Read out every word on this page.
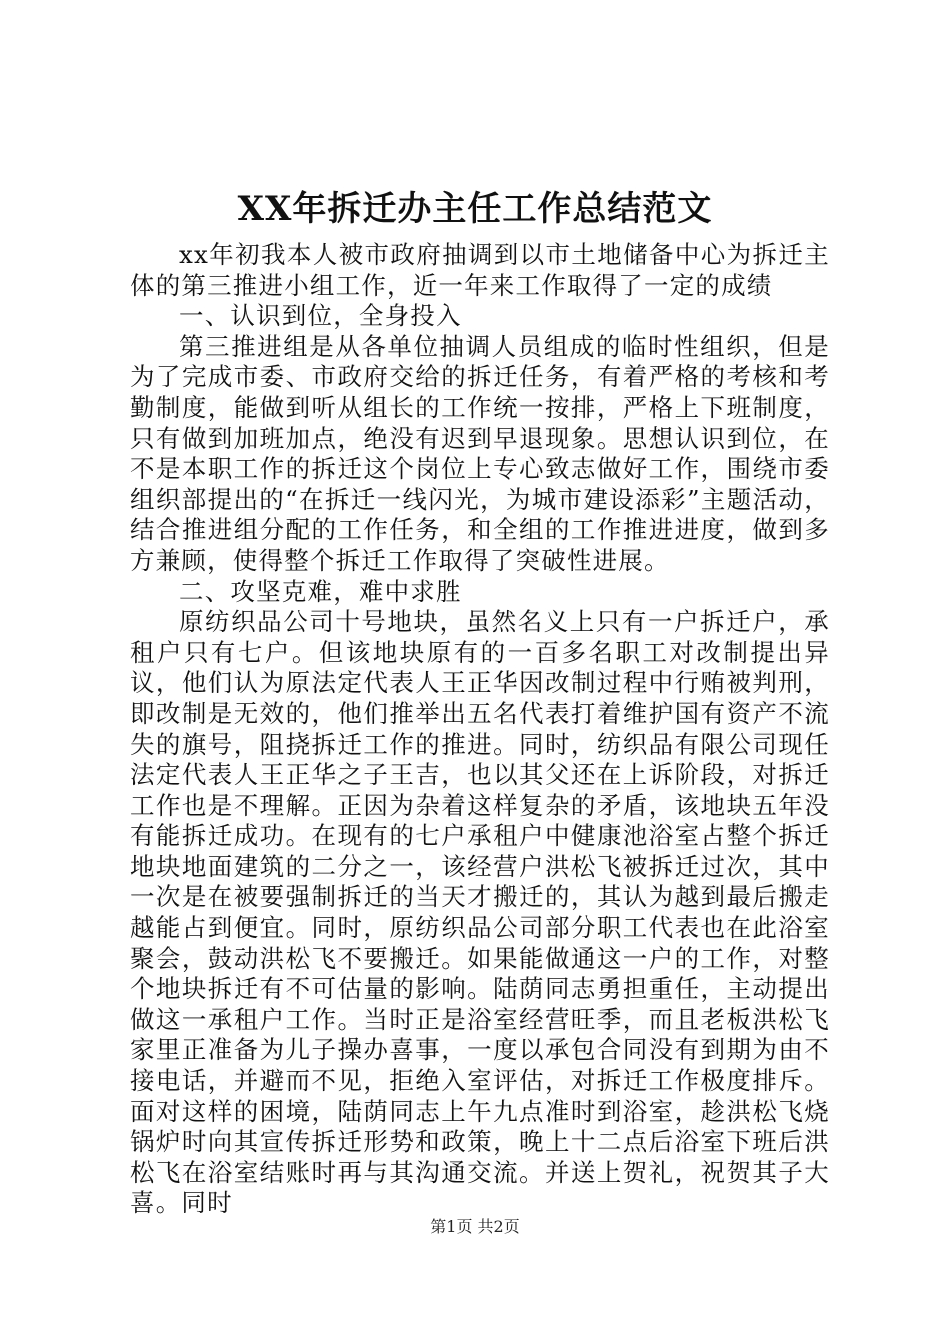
XX年拆迁办主任工作总结范文

xx年初我本人被市政府抽调到以市土地储备中心为拆迁主体的第三推进小组工作，近一年来工作取得了一定的成绩

一、认识到位，全身投入

第三推进组是从各单位抽调人员组成的临时性组织，但是为了完成市委、市政府交给的拆迁任务，有着严格的考核和考勤制度，能做到听从组长的工作统一按排，严格上下班制度，只有做到加班加点，绝没有迟到早退现象。思想认识到位，在不是本职工作的拆迁这个岗位上专心致志做好工作，围绕市委组织部提出的“在拆迁一线闪光，为城市建设添彩”主题活动，结合推进组分配的工作任务，和全组的工作推进进度，做到多方兼顾，使得整个拆迁工作取得了突破性进展。

二、攻坚克难，难中求胜

原纺织品公司十号地块，虽然名义上只有一户拆迁户，承租户只有七户。但该地块原有的一百多名职工对改制提出异议，他们认为原法定代表人王正华因改制过程中行贿被判刑，即改制是无效的，他们推举出五名代表打着维护国有资产不流失的旗号，阻挠拆迁工作的推进。同时，纺织品有限公司现任法定代表人王正华之子王吉，也以其父还在上诉阶段，对拆迁工作也是不理解。正因为杂着这样复杂的矛盾，该地块五年没有能拆迁成功。在现有的七户承租户中健康池浴室占整个拆迁地块地面建筑的二分之一，该经营户洪松飞被拆迁过次，其中一次是在被要强制拆迁的当天才搬迁的，其认为越到最后搬走越能占到便宜。同时，原纺织品公司部分职工代表也在此浴室聚会，鼓动洪松飞不要搬迁。如果能做通这一户的工作，对整个地块拆迁有不可估量的影响。陆荫同志勇担重任，主动提出做这一承租户工作。当时正是浴室经营旺季，而且老板洪松飞家里正准备为儿子操办喜事，一度以承包合同没有到期为由不接电话，并避而不见，拒绝入室评估，对拆迁工作极度排斥。面对这样的困境，陆荫同志上午九点准时到浴室，趁洪松飞烧锅炉时向其宣传拆迁形势和政策，晚上十二点后浴室下班后洪松飞在浴室结账时再与其沟通交流。并送上贺礼，祝贺其子大喜。同时

第1页 共2页
